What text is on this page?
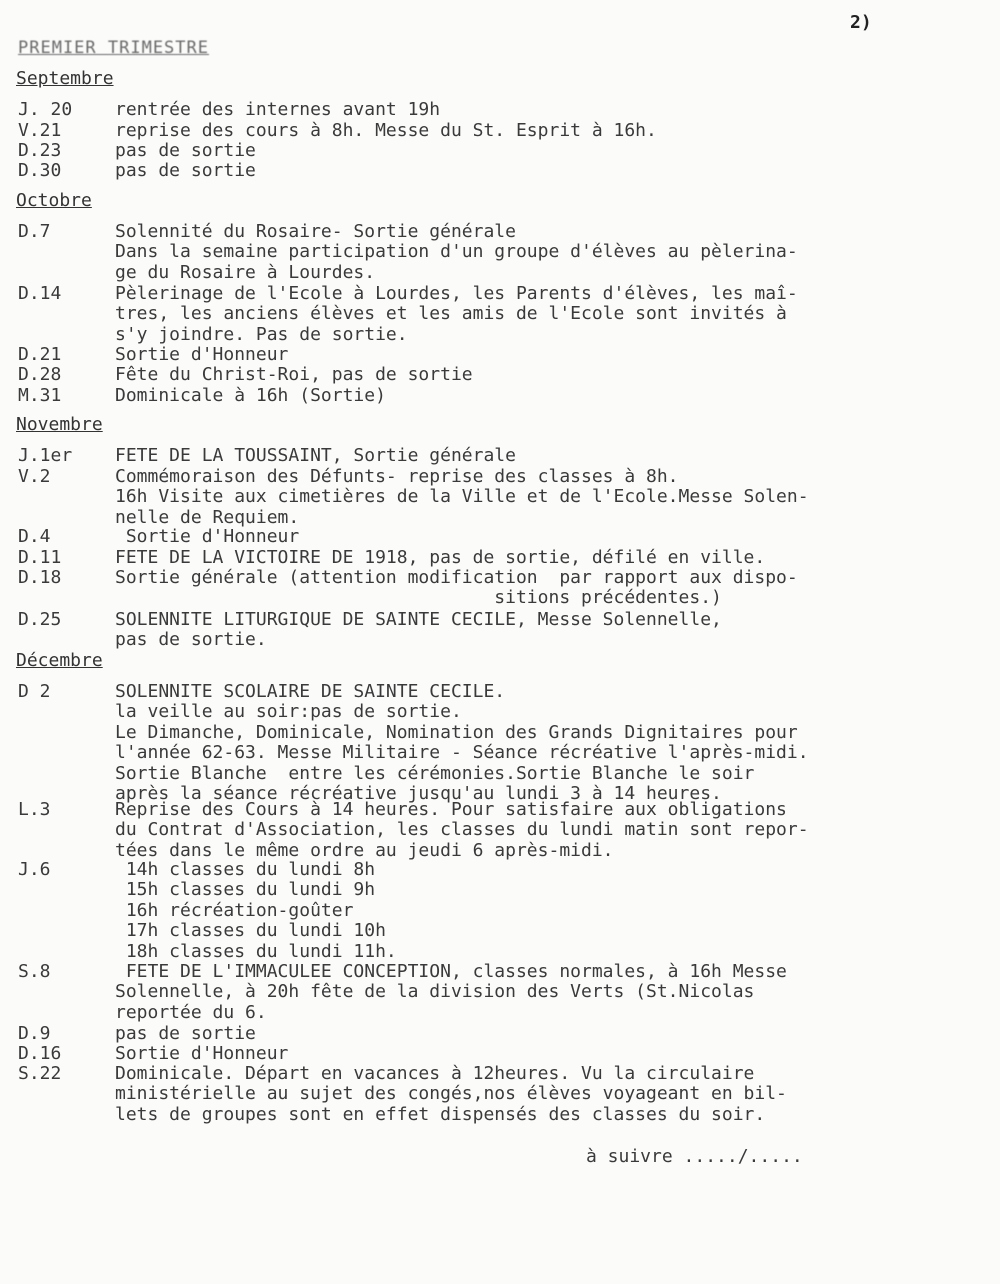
2)
PREMIER TRIMESTRE
Septembre
J. 20	rentrée des internes avant 19h
V.21	reprise des cours à 8h. Messe du St. Esprit à 16h.
D.23	pas de sortie
D.30	pas de sortie
Octobre
D.7	Solennité du Rosaire- Sortie générale
Dans la semaine participation d'un groupe d'élèves au pèlerina-
ge du Rosaire à Lourdes.
D.14	Pèlerinage de l'Ecole à Lourdes, les Parents d'élèves, les maî-
tres, les anciens élèves et les amis de l'Ecole sont invités à
s'y joindre. Pas de sortie.
D.21	Sortie d'Honneur
D.28	Fête du Christ-Roi, pas de sortie
M.31	Dominicale à 16h (Sortie)
Novembre
J.1er	FETE DE LA TOUSSAINT, Sortie générale
V.2	Commémoraison des Défunts- reprise des classes à 8h.
16h Visite aux cimetières de la Ville et de l'Ecole.Messe Solen-
nelle de Requiem.
D.4	Sortie d'Honneur
D.11	FETE DE LA VICTOIRE DE 1918, pas de sortie, défilé en ville.
D.18	Sortie générale (attention modification  par rapport aux dispo-
sitions précédentes.)
D.25	SOLENNITE LITURGIQUE DE SAINTE CECILE, Messe Solennelle,
pas de sortie.
Décembre
D 2	SOLENNITE SCOLAIRE DE SAINTE CECILE.
la veille au soir:pas de sortie.
Le Dimanche, Dominicale, Nomination des Grands Dignitaires pour
l'année 62-63. Messe Militaire - Séance récréative l'après-midi.
Sortie Blanche  entre les cérémonies.Sortie Blanche le soir
après la séance récréative jusqu'au lundi 3 à 14 heures.
L.3	Reprise des Cours à 14 heures. Pour satisfaire aux obligations
du Contrat d'Association, les classes du lundi matin sont repor-
tées dans le même ordre au jeudi 6 après-midi.
J.6	14h classes du lundi 8h
15h classes du lundi 9h
16h récréation-goûter
17h classes du lundi 10h
18h classes du lundi 11h.
S.8	FETE DE L'IMMACULEE CONCEPTION, classes normales, à 16h Messe
Solennelle, à 20h fête de la division des Verts (St.Nicolas
reportée du 6.
D.9	pas de sortie
D.16	Sortie d'Honneur
S.22	Dominicale. Départ en vacances à 12heures. Vu la circulaire
ministérielle au sujet des congés,nos élèves voyageant en bil-
lets de groupes sont en effet dispensés des classes du soir.
à suivre ...../.....
